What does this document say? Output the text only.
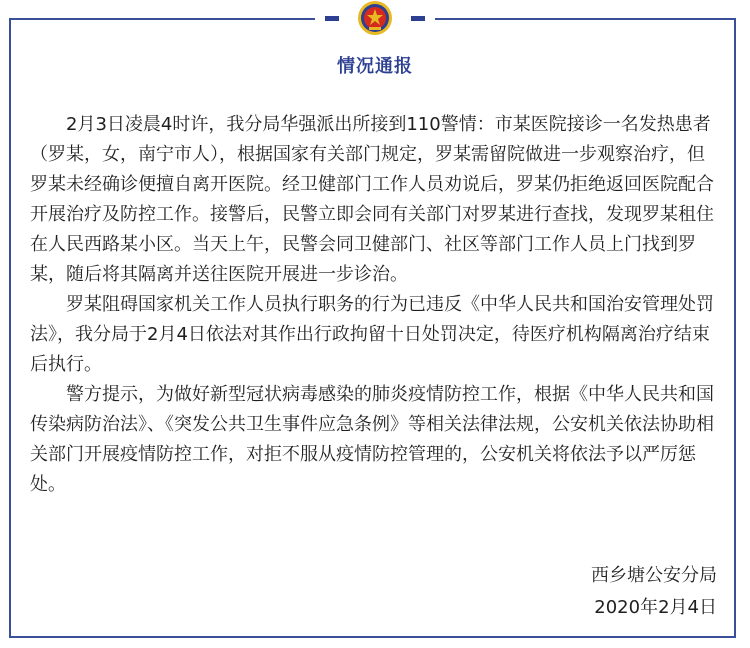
情况通报

2月3日凌晨4时许，我分局华强派出所接到110警情：市某医院接诊一名发热患者（罗某，女，南宁市人），根据国家有关部门规定，罗某需留院做进一步观察治疗，但罗某未经确诊便擅自离开医院。经卫健部门工作人员劝说后，罗某仍拒绝返回医院配合开展治疗及防控工作。接警后，民警立即会同有关部门对罗某进行查找，发现罗某租住在人民西路某小区。当天上午，民警会同卫健部门、社区等部门工作人员上门找到罗某，随后将其隔离并送往医院开展进一步诊治。

罗某阻碍国家机关工作人员执行职务的行为已违反《中华人民共和国治安管理处罚法》，我分局于2月4日依法对其作出行政拘留十日处罚决定，待医疗机构隔离治疗结束后执行。

警方提示，为做好新型冠状病毒感染的肺炎疫情防控工作，根据《中华人民共和国传染病防治法》、《突发公共卫生事件应急条例》等相关法律法规，公安机关依法协助相关部门开展疫情防控工作，对拒不服从疫情防控管理的，公安机关将依法予以严厉惩处。

西乡塘公安分局
2020年2月4日
